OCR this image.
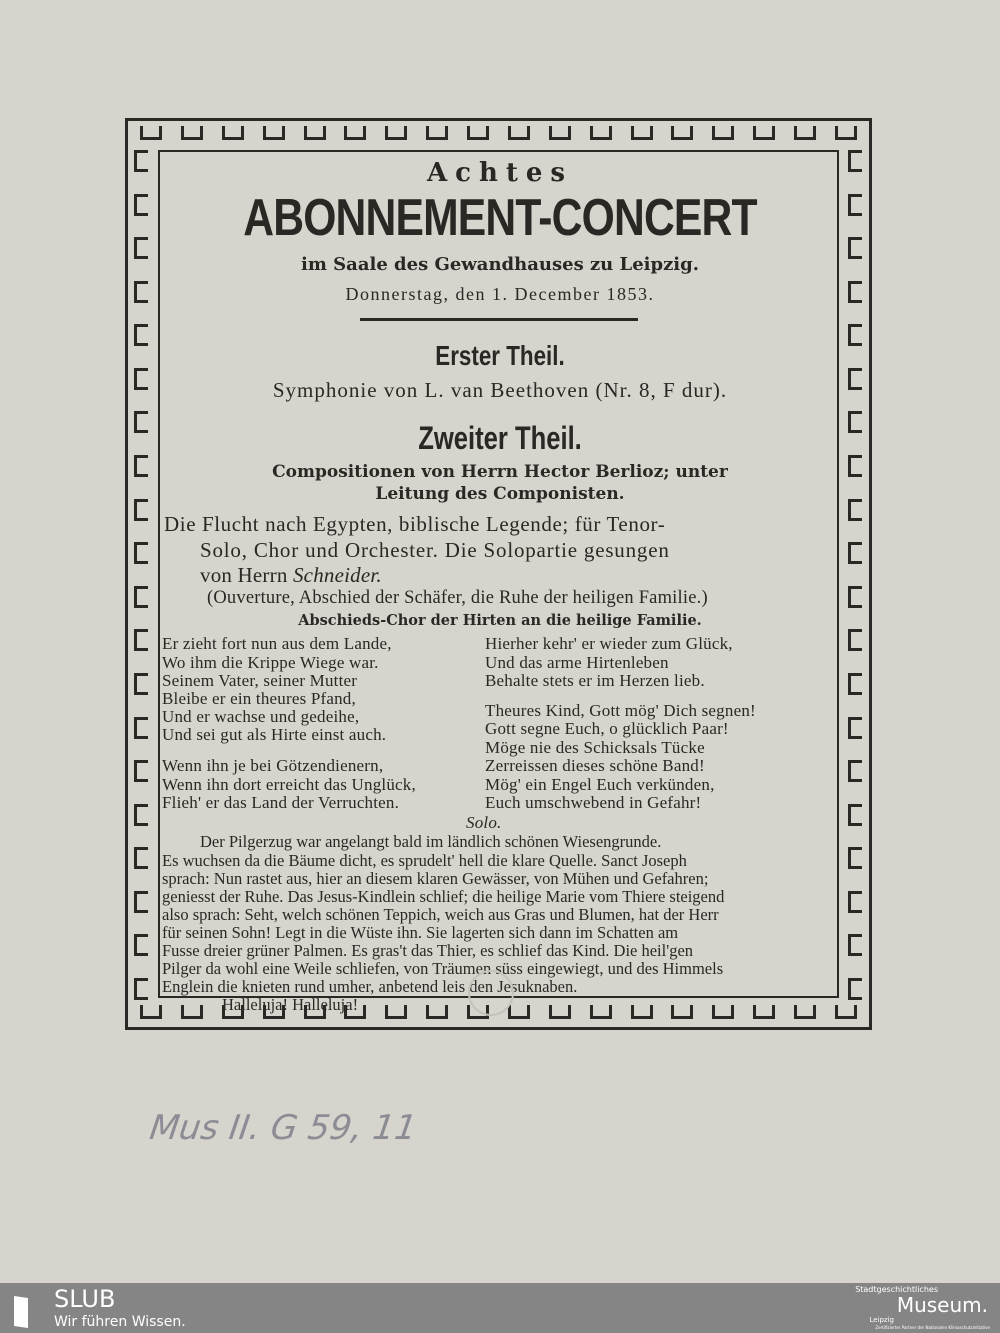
Achtes
ABONNEMENT-CONCERT
im Saale des Gewandhauses zu Leipzig.
Donnerstag, den 1. December 1853.
Erster Theil.
Symphonie von L. van Beethoven (Nr. 8, F dur).
Zweiter Theil.
Compositionen von Herrn Hector Berlioz; unter
Leitung des Componisten.
Die Flucht nach Egypten, biblische Legende; für Tenor-
Solo, Chor und Orchester. Die Solopartie gesungen
von Herrn Schneider.
(Ouverture, Abschied der Schäfer, die Ruhe der heiligen Familie.)
Abschieds-Chor der Hirten an die heilige Familie.
Er zieht fort nun aus dem Lande,
Wo ihm die Krippe Wiege war.
Seinem Vater, seiner Mutter
Bleibe er ein theures Pfand,
Und er wachse und gedeihe,
Und sei gut als Hirte einst auch.
Wenn ihn je bei Götzendienern,
Wenn ihn dort erreicht das Unglück,
Flieh' er das Land der Verruchten.
Hierher kehr' er wieder zum Glück,
Und das arme Hirtenleben
Behalte stets er im Herzen lieb.
Theures Kind, Gott mög' Dich segnen!
Gott segne Euch, o glücklich Paar!
Möge nie des Schicksals Tücke
Zerreissen dieses schöne Band!
Mög' ein Engel Euch verkünden,
Euch umschwebend in Gefahr!
Solo.

Der Pilgerzug war angelangt bald im ländlich schönen Wiesengrunde.

Es wuchsen da die Bäume dicht, es sprudelt' hell die klare Quelle. Sanct Joseph

sprach: Nun rastet aus, hier an diesem klaren Gewässer, von Mühen und Gefahren;

geniesst der Ruhe. Das Jesus-Kindlein schlief; die heilige Marie vom Thiere steigend

also sprach: Seht, welch schönen Teppich, weich aus Gras und Blumen, hat der Herr

für seinen Sohn! Legt in die Wüste ihn. Sie lagerten sich dann im Schatten am

Fusse dreier grüner Palmen. Es gras't das Thier, es schlief das Kind. Die heil'gen

Pilger da wohl eine Weile schliefen, von Träumen süss eingewiegt, und des Himmels

Englein die knieten rund umher, anbetend leis den Jesuknaben.

Halleluja! Halleluja!

Mus II. G 59, 11
SLUB
Wir führen Wissen.
Stadtgeschichtliches
Museum.
Leipzig
Zertifizierter Partner der Nationalen Klimaschutzinitiative
